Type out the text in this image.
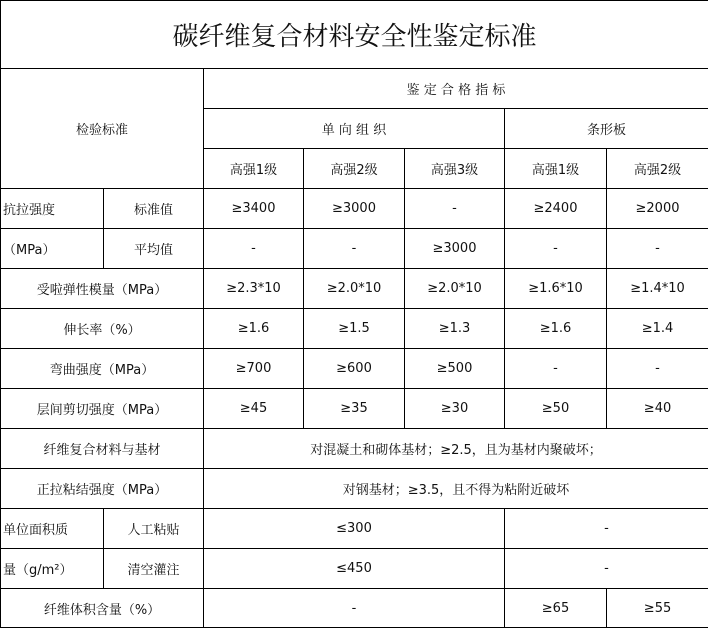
碳纤维复合材料安全性鉴定标准						
检验标准		鉴 定 合 格 指 标				
		单 向 组 织			条形板	
		高强1级	高强2级	高强3级	高强1级	高强2级
抗拉强度	标准值	≥3400	≥3000	-	≥2400	≥2000
（MPa）	平均值	-	-	≥3000	-	-
受啦弹性模量（MPa）		≥2.3*10	≥2.0*10	≥2.0*10	≥1.6*10	≥1.4*10
伸长率（%）		≥1.6	≥1.5	≥1.3	≥1.6	≥1.4
弯曲强度（MPa）		≥700	≥600	≥500	-	-
层间剪切强度（MPa）		≥45	≥35	≥30	≥50	≥40
纤维复合材料与基材		对混凝土和砌体基材；≥2.5，且为基材内聚破坏；				
正拉粘结强度（MPa）		对钢基材；≥3.5，且不得为粘附近破坏				
单位面积质	人工粘贴	≤300			-	
量（g/m²）	清空灌注	≤450			-	
纤维体积含量（%）		-			≥65	≥55
